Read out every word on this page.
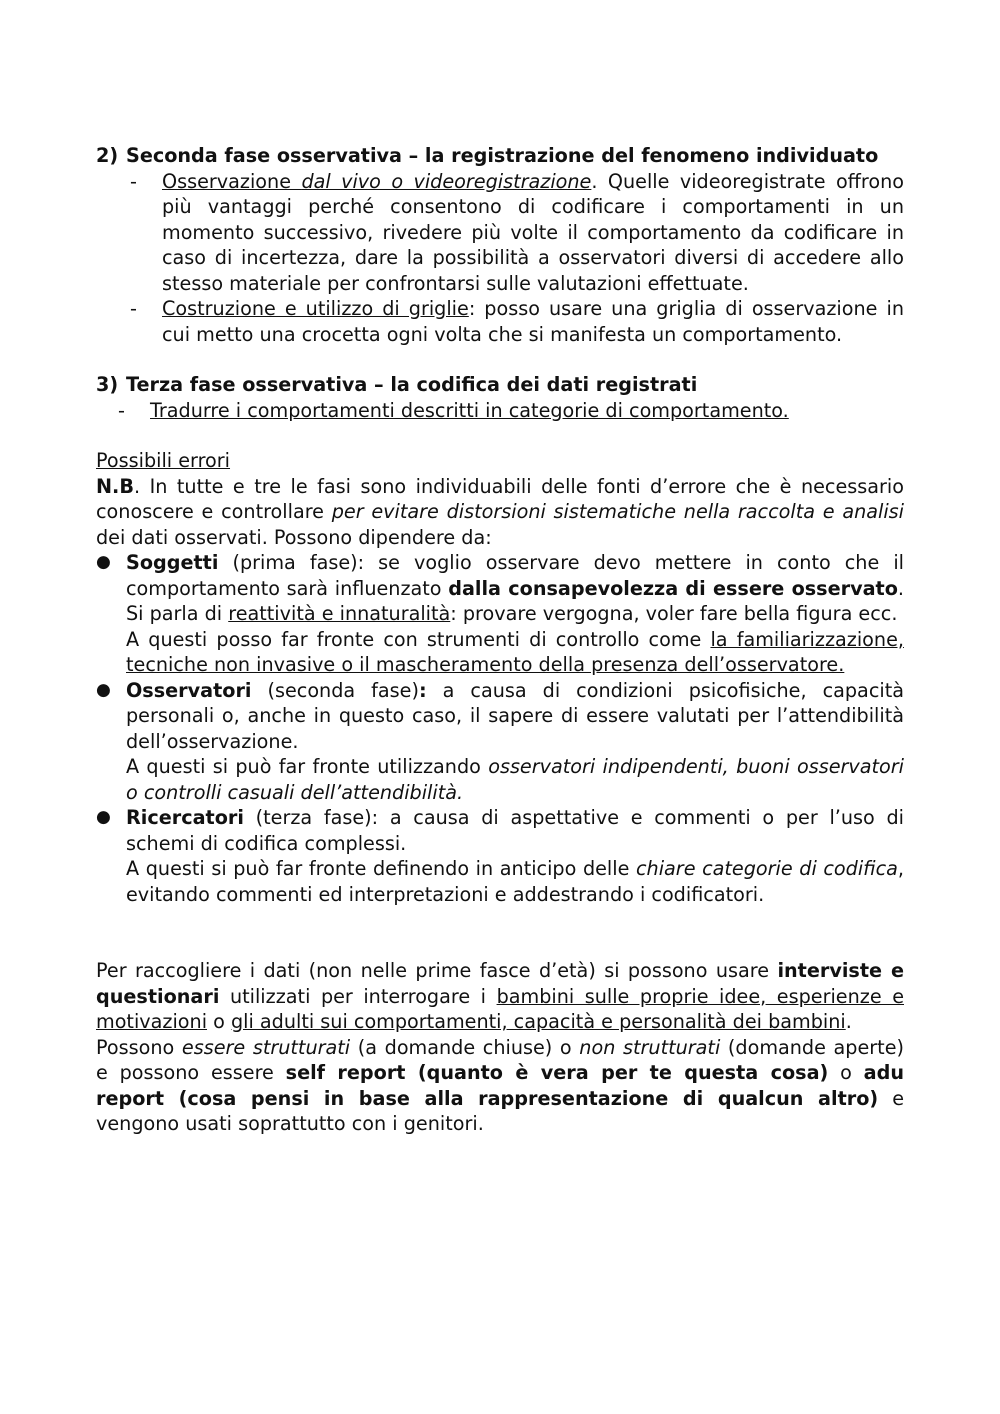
2) Seconda fase osservativa – la registrazione del fenomeno individuato

- Osservazione dal vivo o videoregistrazione. Quelle videoregistrate offrono più vantaggi perché consentono di codificare i comportamenti in un momento successivo, rivedere più volte il comportamento da codificare in caso di incertezza, dare la possibilità a osservatori diversi di accedere allo stesso materiale per confrontarsi sulle valutazioni effettuate.

- Costruzione e utilizzo di griglie: posso usare una griglia di osservazione in cui metto una crocetta ogni volta che si manifesta un comportamento.

3) Terza fase osservativa – la codifica dei dati registrati

- Tradurre i comportamenti descritti in categorie di comportamento.

Possibili errori

N.B. In tutte e tre le fasi sono individuabili delle fonti d’errore che è necessario conoscere e controllare per evitare distorsioni sistematiche nella raccolta e analisi dei dati osservati. Possono dipendere da:

● Soggetti (prima fase): se voglio osservare devo mettere in conto che il comportamento sarà influenzato dalla consapevolezza di essere osservato. Si parla di reattività e innaturalità: provare vergogna, voler fare bella figura ecc.

A questi posso far fronte con strumenti di controllo come la familiarizzazione, tecniche non invasive o il mascheramento della presenza dell’osservatore.

● Osservatori (seconda fase): a causa di condizioni psicofisiche, capacità personali o, anche in questo caso, il sapere di essere valutati per l’attendibilità dell’osservazione.

A questi si può far fronte utilizzando osservatori indipendenti, buoni osservatori o controlli casuali dell’attendibilità.

● Ricercatori (terza fase): a causa di aspettative e commenti o per l’uso di schemi di codifica complessi.

A questi si può far fronte definendo in anticipo delle chiare categorie di codifica, evitando commenti ed interpretazioni e addestrando i codificatori.

Per raccogliere i dati (non nelle prime fasce d’età) si possono usare interviste e questionari utilizzati per interrogare i bambini sulle proprie idee, esperienze e motivazioni o gli adulti sui comportamenti, capacità e personalità dei bambini.

Possono essere strutturati (a domande chiuse) o non strutturati (domande aperte) e possono essere self report (quanto è vera per te questa cosa) o adu report (cosa pensi in base alla rappresentazione di qualcun altro) e vengono usati soprattutto con i genitori.
